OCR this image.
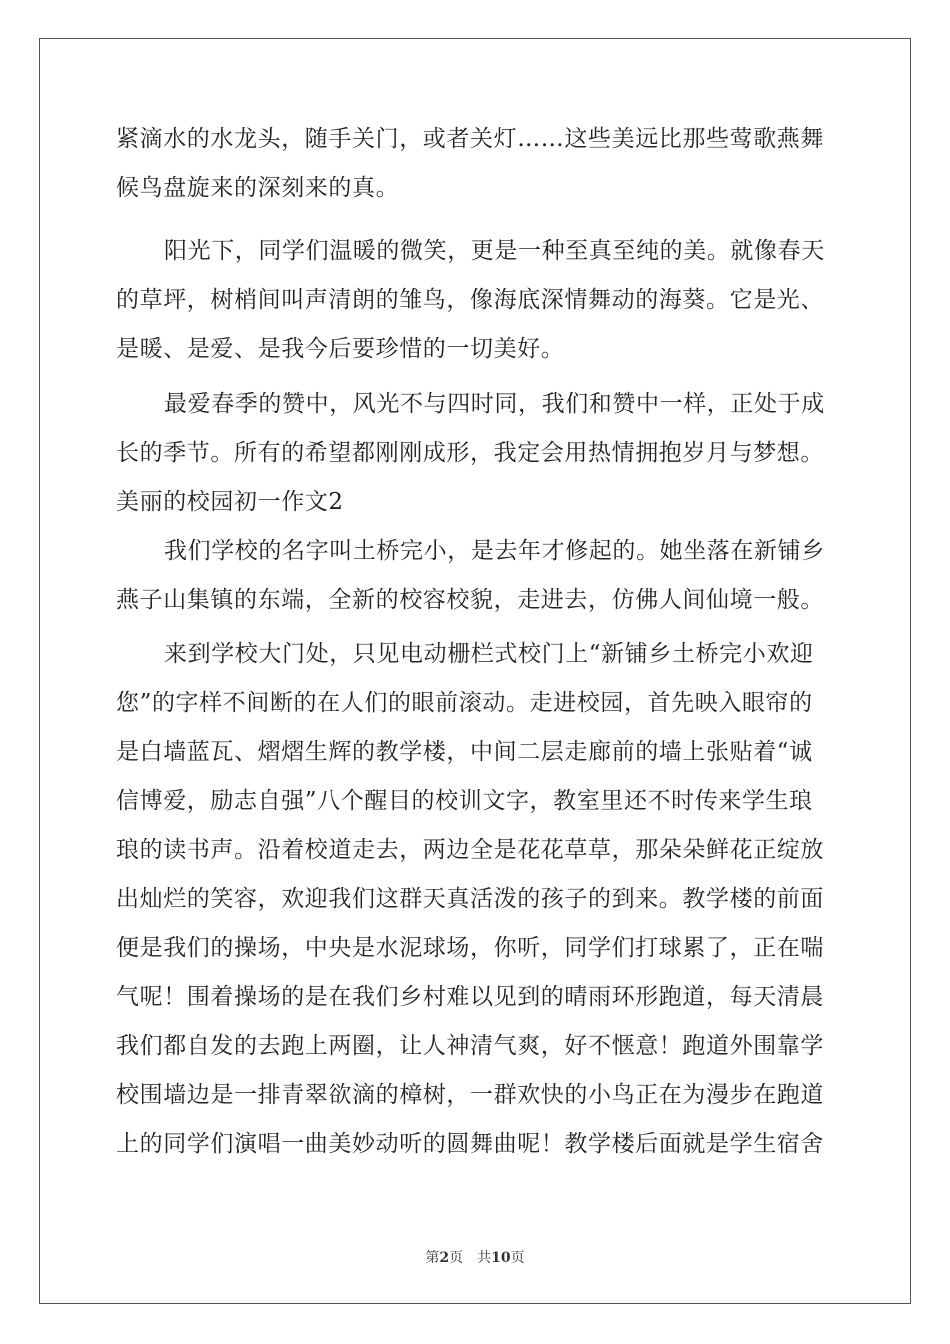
紧滴水的水龙头，随手关门，或者关灯……这些美远比那些莺歌燕舞
候鸟盘旋来的深刻来的真。
阳光下，同学们温暖的微笑，更是一种至真至纯的美。就像春天
的草坪，树梢间叫声清朗的雏鸟，像海底深情舞动的海葵。它是光、
是暖、是爱、是我今后要珍惜的一切美好。
最爱春季的赞中，风光不与四时同，我们和赞中一样，正处于成
长的季节。所有的希望都刚刚成形，我定会用热情拥抱岁月与梦想。
美丽的校园初一作文2
我们学校的名字叫土桥完小，是去年才修起的。她坐落在新铺乡
燕子山集镇的东端，全新的校容校貌，走进去，仿佛人间仙境一般。
来到学校大门处，只见电动栅栏式校门上“新铺乡土桥完小欢迎
您”的字样不间断的在人们的眼前滚动。走进校园，首先映入眼帘的
是白墙蓝瓦、熠熠生辉的教学楼，中间二层走廊前的墙上张贴着“诚
信博爱，励志自强”八个醒目的校训文字，教室里还不时传来学生琅
琅的读书声。沿着校道走去，两边全是花花草草，那朵朵鲜花正绽放
出灿烂的笑容，欢迎我们这群天真活泼的孩子的到来。教学楼的前面
便是我们的操场，中央是水泥球场，你听，同学们打球累了，正在喘
气呢！围着操场的是在我们乡村难以见到的晴雨环形跑道，每天清晨
我们都自发的去跑上两圈，让人神清气爽，好不惬意！跑道外围靠学
校围墙边是一排青翠欲滴的樟树，一群欢快的小鸟正在为漫步在跑道
上的同学们演唱一曲美妙动听的圆舞曲呢！教学楼后面就是学生宿舍
第2页　共10页
